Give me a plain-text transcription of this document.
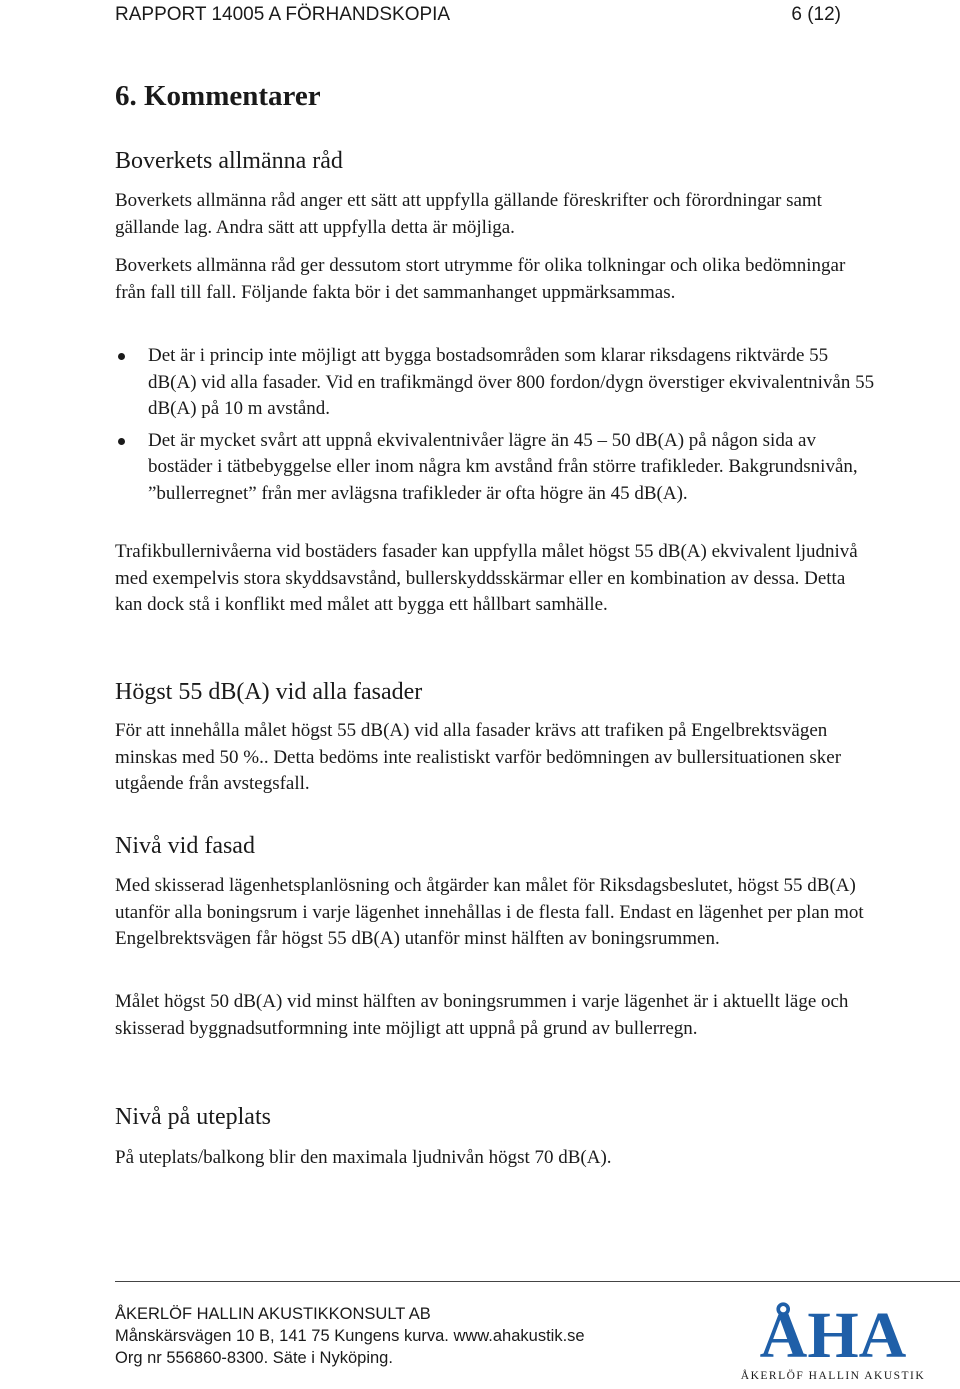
RAPPORT 14005 A FÖRHANDSKOPIA	6 (12)
6. Kommentarer
Boverkets allmänna råd

Boverkets allmänna råd anger ett sätt att uppfylla gällande föreskrifter och förordningar samt gällande lag. Andra sätt att uppfylla detta är möjliga.

Boverkets allmänna råd ger dessutom stort utrymme för olika tolkningar och olika bedömningar från fall till fall. Följande fakta bör i det sammanhanget uppmärksammas.

Det är i princip inte möjligt att bygga bostadsområden som klarar riksdagens riktvärde 55 dB(A) vid alla fasader. Vid en trafikmängd över 800 fordon/dygn överstiger ekvivalentnivån 55 dB(A) på 10 m avstånd.
Det är mycket svårt att uppnå ekvivalentnivåer lägre än 45 – 50 dB(A) på någon sida av bostäder i tätbebyggelse eller inom några km avstånd från större trafikleder. Bakgrundsnivån, ”bullerregnet” från mer avlägsna trafikleder är ofta högre än 45 dB(A).

Trafikbullernivåerna vid bostäders fasader kan uppfylla målet högst 55 dB(A) ekvivalent ljudnivå med exempelvis stora skyddsavstånd, bullerskyddsskärmar eller en kombination av dessa. Detta kan dock stå i konflikt med målet att bygga ett hållbart samhälle.

Högst 55 dB(A) vid alla fasader

För att innehålla målet högst 55 dB(A) vid alla fasader krävs att trafiken på Engelbrektsvägen minskas med 50 %.. Detta bedöms inte realistiskt varför bedömningen av bullersituationen sker utgående från avstegsfall.

Nivå vid fasad

Med skisserad lägenhetsplanlösning och åtgärder kan målet för Riksdagsbeslutet, högst 55 dB(A) utanför alla boningsrum i varje lägenhet innehållas i de flesta fall. Endast en lägenhet per plan mot Engelbrektsvägen får högst 55 dB(A) utanför minst hälften av boningsrummen.

Målet högst 50 dB(A) vid minst hälften av boningsrummen i varje lägenhet är i aktuellt läge och skisserad byggnadsutformning inte möjligt att uppnå på grund av bullerregn.

Nivå på uteplats

På uteplats/balkong blir den maximala ljudnivån högst 70 dB(A).

ÅKERLÖF HALLIN AKUSTIKKONSULT AB
Månskärsvägen 10 B, 141 75 Kungens kurva. www.ahakustik.se
Org nr 556860-8300. Säte i Nyköping.	ÅHA
ÅKERLÖF HALLIN AKUSTIK
